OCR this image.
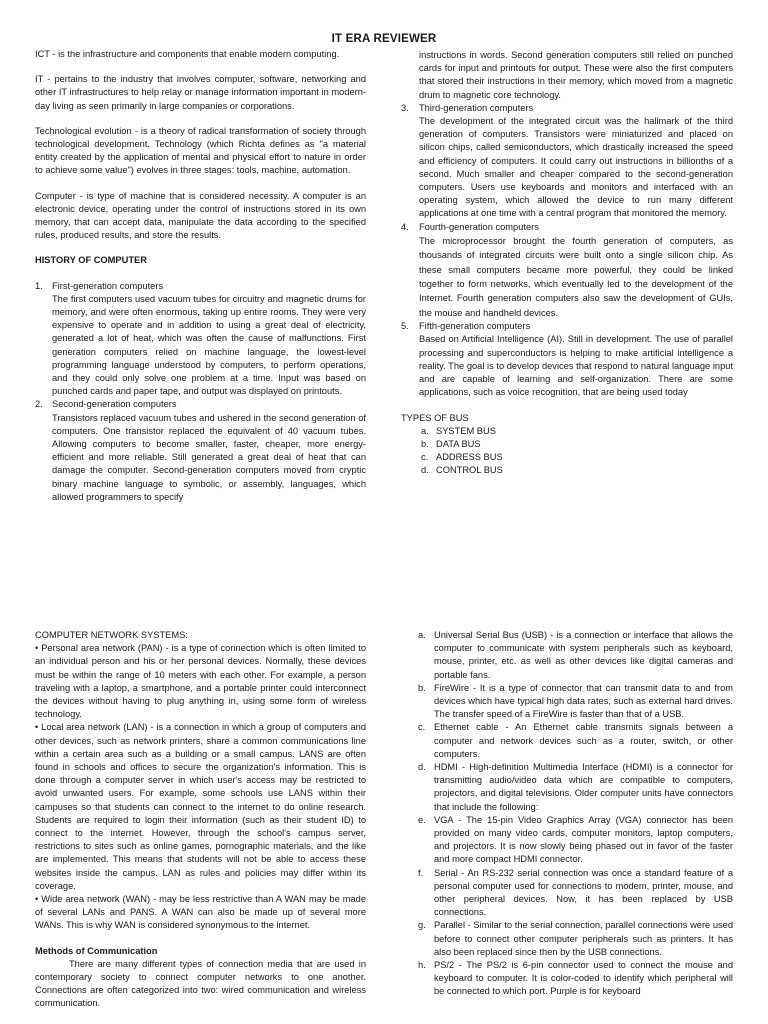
IT ERA REVIEWER

ICT - is the infrastructure and components that enable modern computing.

IT - pertains to the industry that involves computer, software, networking and other IT infrastructures to help relay or manage information important in modern-day living as seen primarily in large companies or corporations.

Technological evolution - is a theory of radical transformation of society through technological development. Technology (which Richta defines as "a material entity created by the application of mental and physical effort to nature in order to achieve some value") evolves in three stages: tools, machine, automation.

Computer - is type of machine that is considered necessity. A computer is an electronic device, operating under the control of instructions stored in its own memory, that can accept data, manipulate the data according to the specified rules, produced results, and store the results.

HISTORY OF COMPUTER

1. First-generation computers
The first computers used vacuum tubes for circuitry and magnetic drums for memory, and were often enormous, taking up entire rooms. They were very expensive to operate and in addition to using a great deal of electricity, generated a lot of heat, which was often the cause of malfunctions. First generation computers relied on machine language, the lowest-level programming language understood by computers, to perform operations, and they could only solve one problem at a time. Input was based on punched cards and paper tape, and output was displayed on printouts.
2. Second-generation computers
Transistors replaced vacuum tubes and ushered in the second generation of computers. One transistor replaced the equivalent of 40 vacuum tubes. Allowing computers to become smaller, faster, cheaper, more energy-efficient and more reliable. Still generated a great deal of heat that can damage the computer. Second-generation computers moved from cryptic binary machine language to symbolic, or assembly, languages, which allowed programmers to specify
instructions in words. Second generation computers still relied on punched cards for input and printouts for output. These were also the first computers that stored their instructions in their memory, which moved from a magnetic drum to magnetic core technology.
3. Third-generation computers
The development of the integrated circuit was the hallmark of the third generation of computers. Transistors were miniaturized and placed on silicon chips, called semiconductors, which drastically increased the speed and efficiency of computers. It could carry out instructions in billionths of a second. Much smaller and cheaper compared to the second-generation computers. Users use keyboards and monitors and interfaced with an operating system, which allowed the device to run many different applications at one time with a central program that monitored the memory.
4. Fourth-generation computers
The microprocessor brought the fourth generation of computers, as thousands of integrated circuits were built onto a single silicon chip. As these small computers became more powerful, they could be linked together to form networks, which eventually led to the development of the Internet. Fourth generation computers also saw the development of GUIs, the mouse and handheld devices.
5. Fifth-generation computers
Based on Artificial Intelligence (AI). Still in development. The use of parallel processing and superconductors is helping to make artificial intelligence a reality. The goal is to develop devices that respond to natural language input and are capable of learning and self-organization. There are some applications, such as voice recognition, that are being used today

TYPES OF BUS

a. SYSTEM BUS
b. DATA BUS
c. ADDRESS BUS
d. CONTROL BUS

COMPUTER NETWORK SYSTEMS:

• Personal area network (PAN) - is a type of connection which is often limited to an individual person and his or her personal devices. Normally, these devices must be within the range of 10 meters with each other. For example, a person traveling with a laptop, a smartphone, and a portable printer could interconnect the devices without having to plug anything in, using some form of wireless technology.

• Local area network (LAN) - is a connection in which a group of computers and other devices, such as network printers, share a common communications line within a certain area such as a building or a small campus. LANS are often found in schools and offices to secure the organization's information. This is done through a computer server in which user's access may be restricted to avoid unwanted users. For example, some schools use LANS within their campuses so that students can connect to the internet to do online research. Students are required to login their information (such as their student ID) to connect to the internet. However, through the school's campus server, restrictions to sites such as online games, pornographic materials, and the like are implemented. This means that students will not be able to access these websites inside the campus. LAN as rules and policies may differ within its coverage.

• Wide area network (WAN) - may be less restrictive than A WAN may be made of several LANs and PANS. A WAN can also be made up of several more WANs. This is why WAN is considered synonymous to the internet.

Methods of Communication

There are many different types of connection media that are used in contemporary society to connect computer networks to one another. Connections are often categorized into two: wired communication and wireless communication.

a. Universal Serial Bus (USB) - is a connection or interface that allows the computer to communicate with system peripherals such as keyboard, mouse, printer, etc. as well as other devices like digital cameras and portable fans.
b. FireWire - It is a type of connector that can transmit data to and from devices which have typical high data rates, such as external hard drives. The transfer speed of a FireWire is faster than that of a USB.
c. Ethernet cable - An Ethernet cable transmits signals between a computer and network devices such as a router, switch, or other computers.
d. HDMI - High-definition Multimedia Interface (HDMI) is a connector for transmitting audio/video data which are compatible to computers, projectors, and digital televisions. Older computer units have connectors that include the following:
e. VGA - The 15-pin Video Graphics Array (VGA) connector has been provided on many video cards, computer monitors, laptop computers, and projectors. It is now slowly being phased out in favor of the faster and more compact HDMI connector.
f. Serial - An RS-232 serial connection was once a standard feature of a personal computer used for connections to modem, printer, mouse, and other peripheral devices. Now, it has been replaced by USB connections.
g. Parallel - Similar to the serial connection, parallel connections were used before to connect other computer peripherals such as printers. It has also been replaced since then by the USB connections.
h. PS/2 - The PS/2 is 6-pin connector used to connect the mouse and keyboard to computer. It is color-coded to identify which peripheral will be connected to which port. Purple is for keyboard
